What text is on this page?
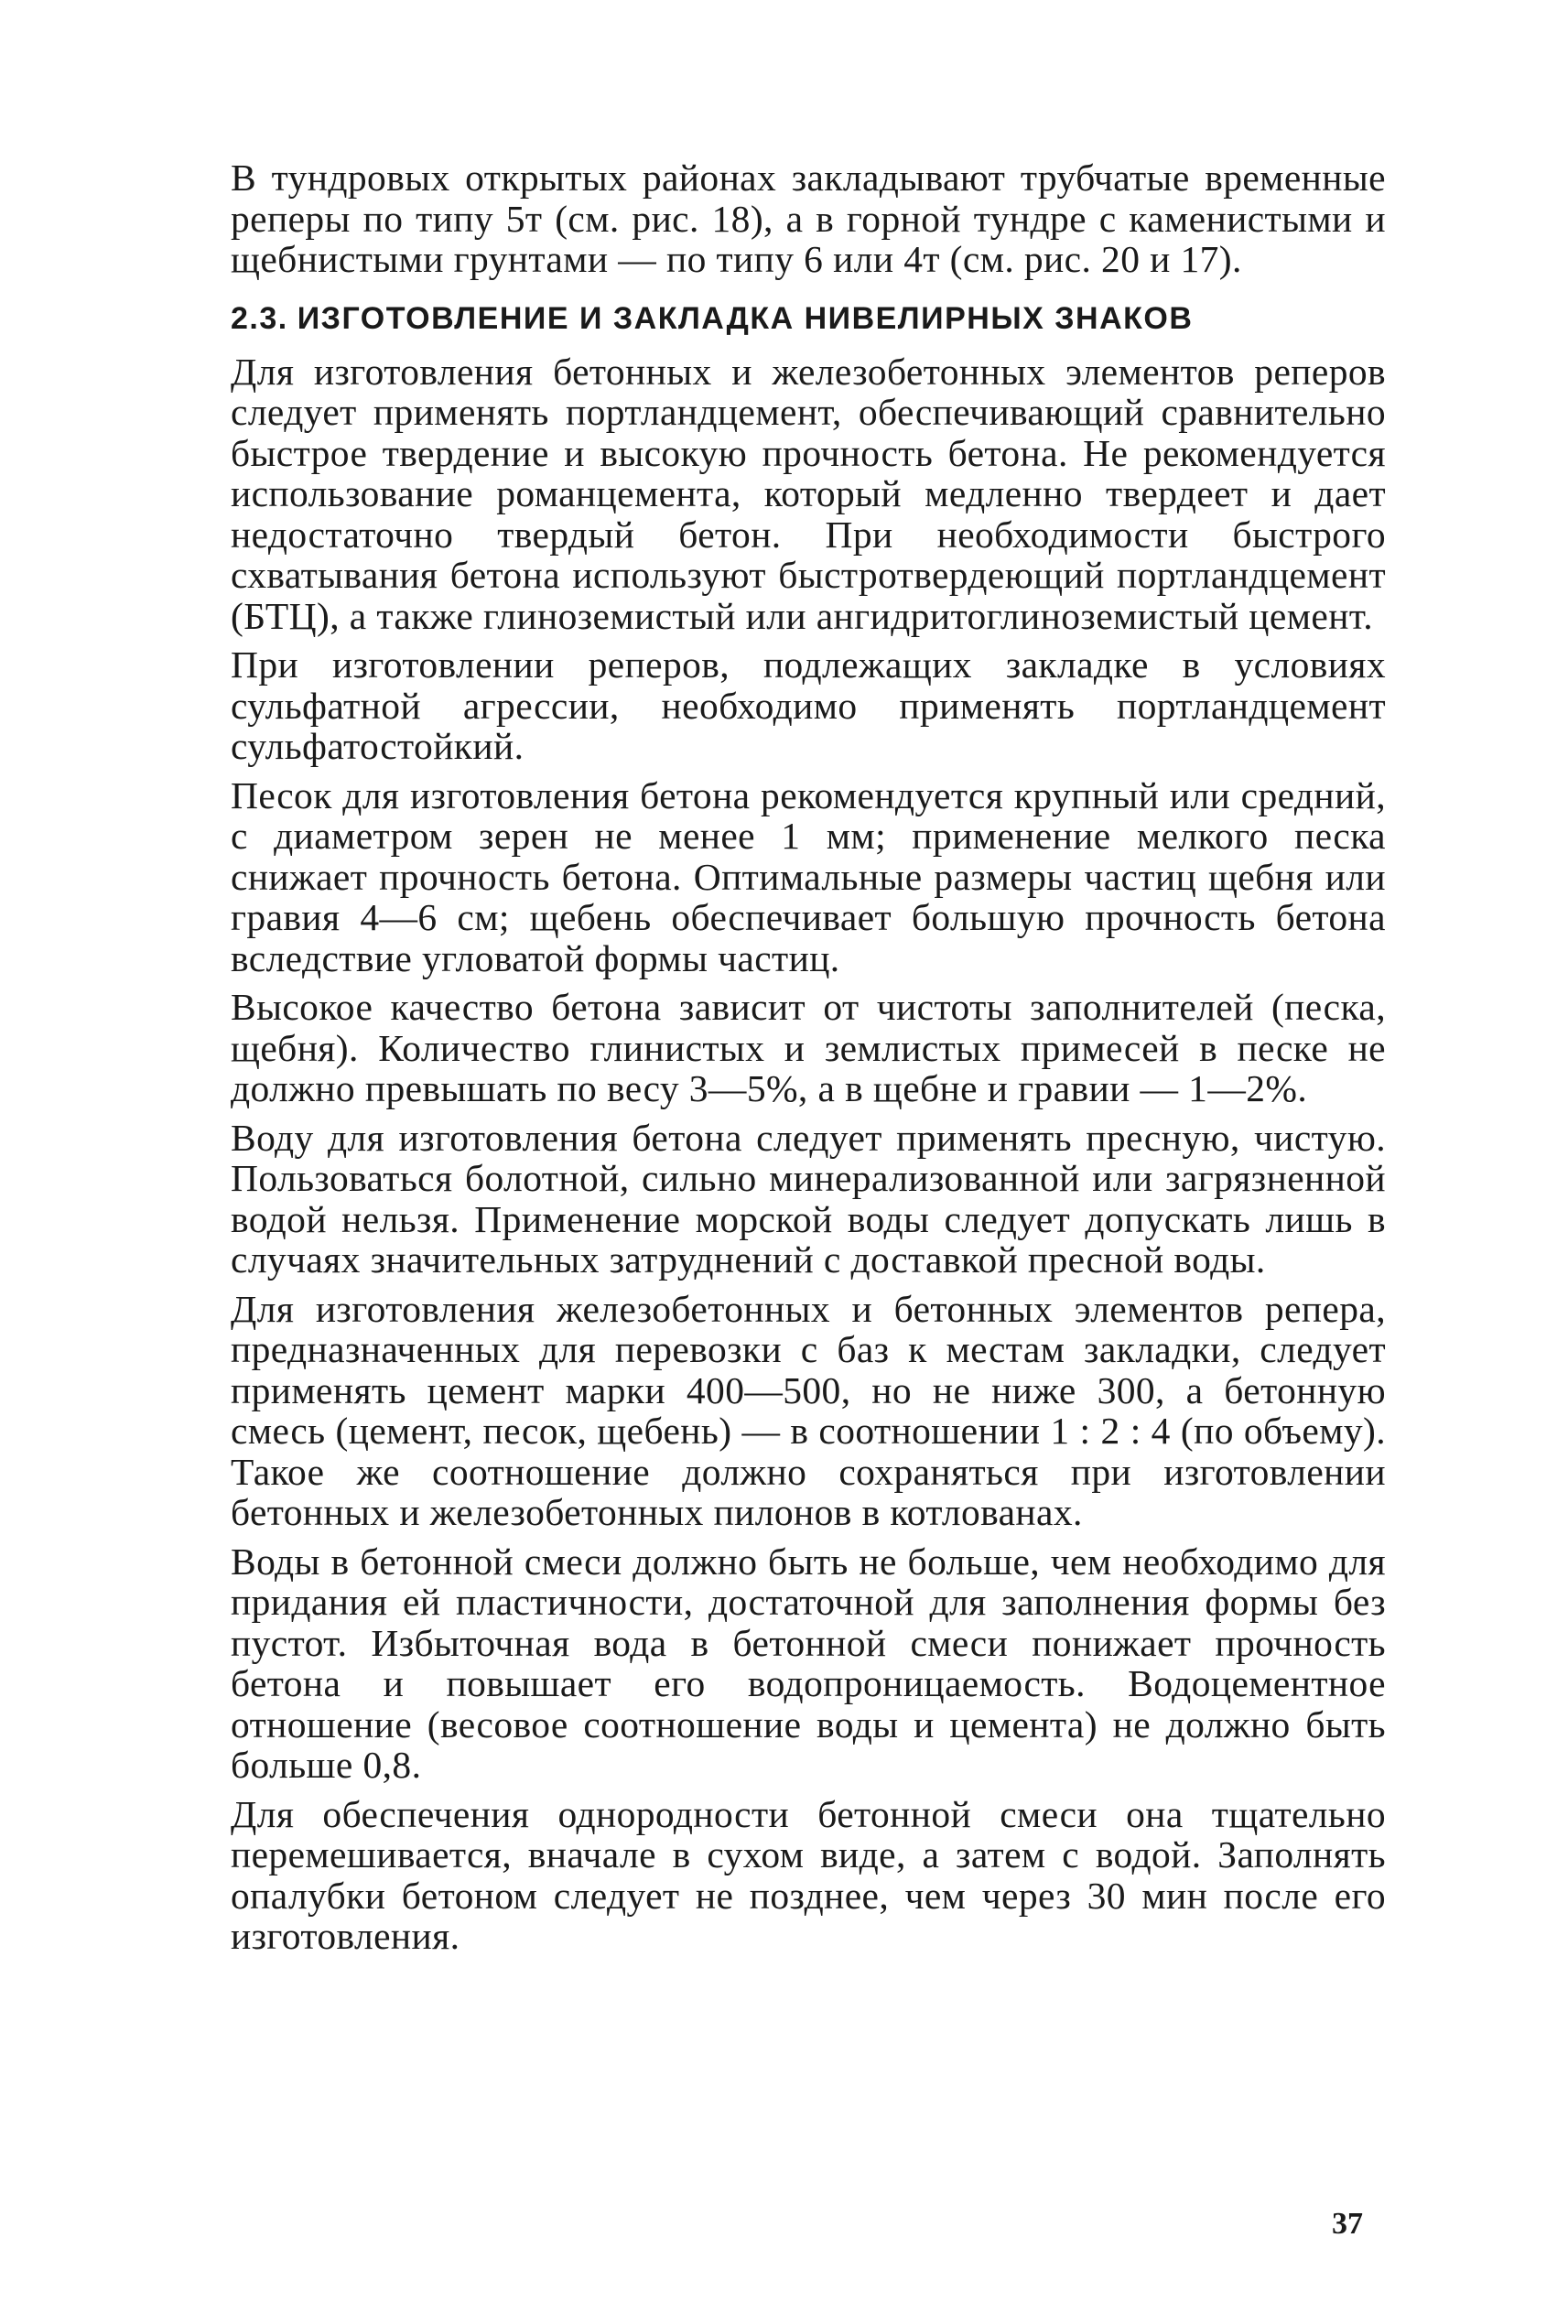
В тундровых открытых районах закладывают трубчатые временные реперы по типу 5т (см. рис. 18), а в горной тундре с каменистыми и щебнистыми грунтами — по типу 6 или 4т (см. рис. 20 и 17).

2.3. ИЗГОТОВЛЕНИЕ И ЗАКЛАДКА НИВЕЛИРНЫХ ЗНАКОВ

Для изготовления бетонных и железобетонных элементов реперов следует применять портландцемент, обеспечивающий сравнительно быстрое твердение и высокую прочность бетона. Не рекомендуется использование романцемента, который медленно твердеет и дает недостаточно твердый бетон. При необходимости быстрого схватывания бетона используют быстротвердеющий портландцемент (БТЦ), а также глиноземистый или ангидритоглиноземистый цемент.

При изготовлении реперов, подлежащих закладке в условиях сульфатной агрессии, необходимо применять портландцемент сульфатостойкий.

Песок для изготовления бетона рекомендуется крупный или средний, с диаметром зерен не менее 1 мм; применение мелкого песка снижает прочность бетона. Оптимальные размеры частиц щебня или гравия 4—6 см; щебень обеспечивает большую прочность бетона вследствие угловатой формы частиц.

Высокое качество бетона зависит от чистоты заполнителей (песка, щебня). Количество глинистых и землистых примесей в песке не должно превышать по весу 3—5%, а в щебне и гравии — 1—2%.

Воду для изготовления бетона следует применять пресную, чистую. Пользоваться болотной, сильно минерализованной или загрязненной водой нельзя. Применение морской воды следует допускать лишь в случаях значительных затруднений с доставкой пресной воды.

Для изготовления железобетонных и бетонных элементов репера, предназначенных для перевозки с баз к местам закладки, следует применять цемент марки 400—500, но не ниже 300, а бетонную смесь (цемент, песок, щебень) — в соотношении 1 : 2 : 4 (по объему). Такое же соотношение должно сохраняться при изготовлении бетонных и железобетонных пилонов в котлованах.

Воды в бетонной смеси должно быть не больше, чем необходимо для придания ей пластичности, достаточной для заполнения формы без пустот. Избыточная вода в бетонной смеси понижает прочность бетона и повышает его водопроницаемость. Водоцементное отношение (весовое соотношение воды и цемента) не должно быть больше 0,8.

Для обеспечения однородности бетонной смеси она тщательно перемешивается, вначале в сухом виде, а затем с водой. Заполнять опалубки бетоном следует не позднее, чем через 30 мин после его изготовления.

37
